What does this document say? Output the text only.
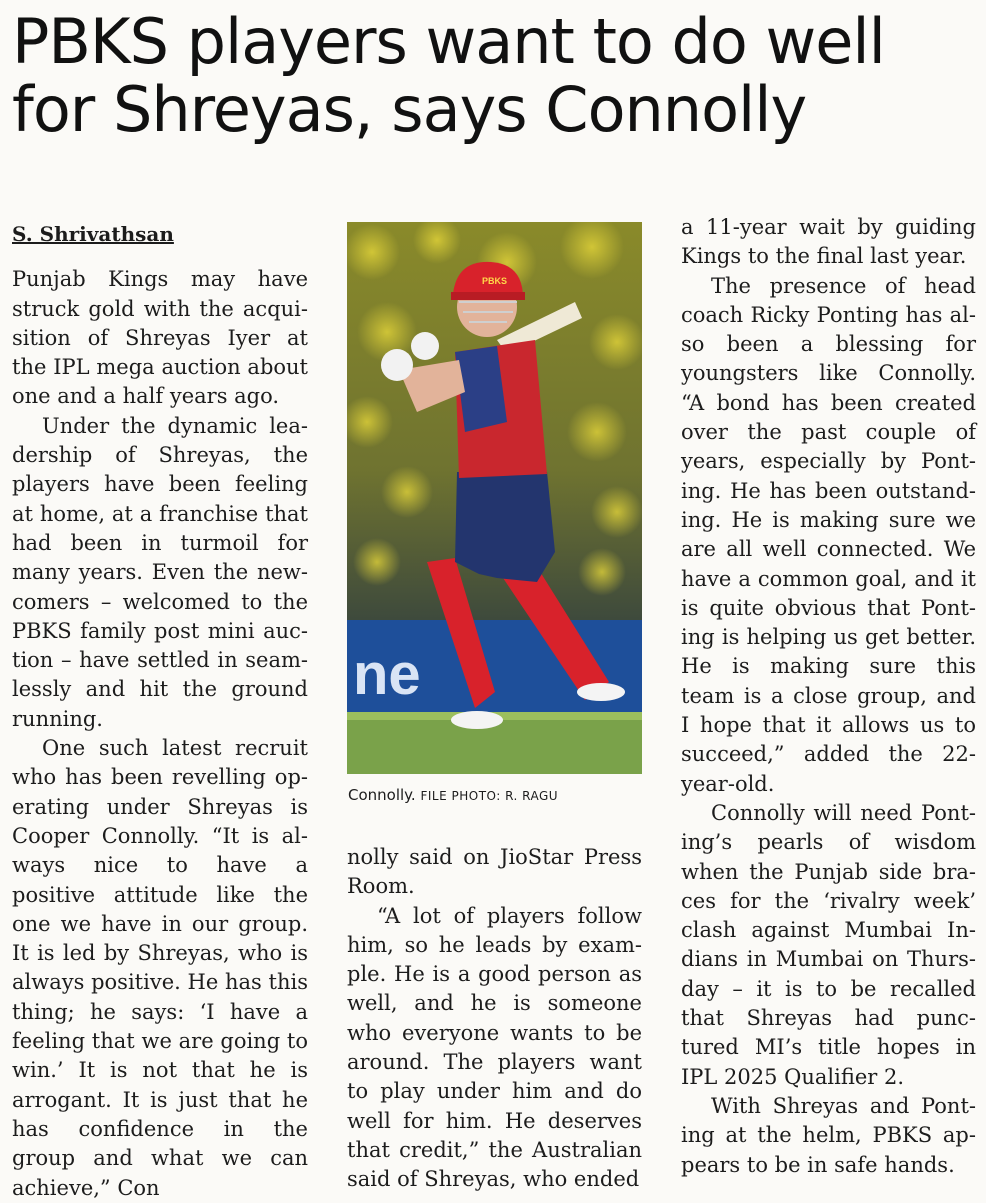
PBKS players want to do well for Shreyas, says Connolly
S. Shrivathsan

Punjab Kings may have struck gold with the acquisition of Shreyas Iyer at the IPL mega auction about one and a half years ago.

Under the dynamic leadership of Shreyas, the players have been feeling at home, at a franchise that had been in turmoil for many years. Even the newcomers – welcomed to the PBKS family post mini auction – have settled in seamlessly and hit the ground running.

One such latest recruit who has been revelling operating under Shreyas is Cooper Connolly. “It is always nice to have a positive attitude like the one we have in our group. It is led by Shreyas, who is always positive. He has this thing; he says: ‘I have a feeling that we are going to win.’ It is not that he is arrogant. It is just that he has confidence in the group and what we can achieve,” Con

ne
PBKS
Connolly. FILE PHOTO: R. RAGU

nolly said on JioStar Press Room.

“A lot of players follow him, so he leads by example. He is a good person as well, and he is someone who everyone wants to be around. The players want to play under him and do well for him. He deserves that credit,” the Australian said of Shreyas, who ended

a 11-year wait by guiding Kings to the final last year.

The presence of head coach Ricky Ponting has also been a blessing for youngsters like Connolly. “A bond has been created over the past couple of years, especially by Ponting. He has been outstanding. He is making sure we are all well connected. We have a common goal, and it is quite obvious that Ponting is helping us get better. He is making sure this team is a close group, and I hope that it allows us to succeed,” added the 22-year-old.

Connolly will need Ponting’s pearls of wisdom when the Punjab side braces for the ‘rivalry week’ clash against Mumbai Indians in Mumbai on Thursday – it is to be recalled that Shreyas had punctured MI’s title hopes in IPL 2025 Qualifier 2.

With Shreyas and Ponting at the helm, PBKS appears to be in safe hands.
